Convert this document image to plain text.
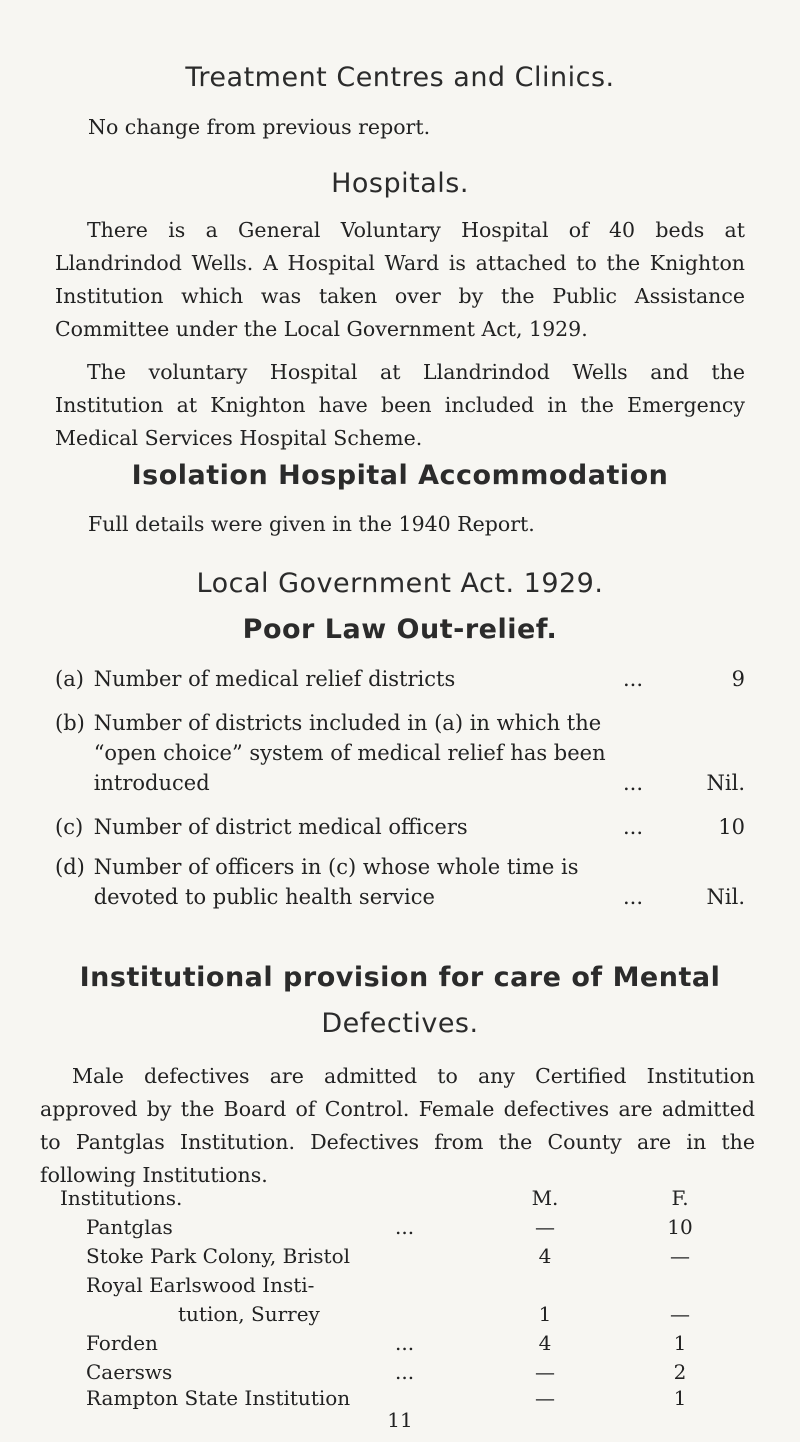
Treatment Centres and Clinics.
No change from previous report.
Hospitals.
There is a General Voluntary Hospital of 40 beds at Llandrindod Wells. A Hospital Ward is attached to the Knighton Institution which was taken over by the Public Assistance Committee under the Local Government Act, 1929.
The voluntary Hospital at Llandrindod Wells and the Institution at Knighton have been included in the Emergency Medical Services Hospital Scheme.
Isolation Hospital Accommodation
Full details were given in the 1940 Report.
Local Government Act. 1929.
Poor Law Out-relief.
(a) Number of medical relief districts	...	9
(b) Number of districts included in (a) in which the “open choice” system of medical relief has been introduced	...	Nil.
(c) Number of district medical officers	...	10
(d) Number of officers in (c) whose whole time is devoted to public health service	...	Nil.
Institutional provision for care of Mental
Defectives.
Male defectives are admitted to any Certified Institution approved by the Board of Control. Female defectives are admitted to Pantglas Institution. Defectives from the County are in the following Institutions.
Institutions.	M.	F.
Pantglas	...	—	10
Stoke Park Colony, Bristol	4	—
Royal Earlswood Insti-
tution, Surrey	1	—
Forden	...	4	1
Caersws	...	—	2
Rampton State Institution	—	1
11
